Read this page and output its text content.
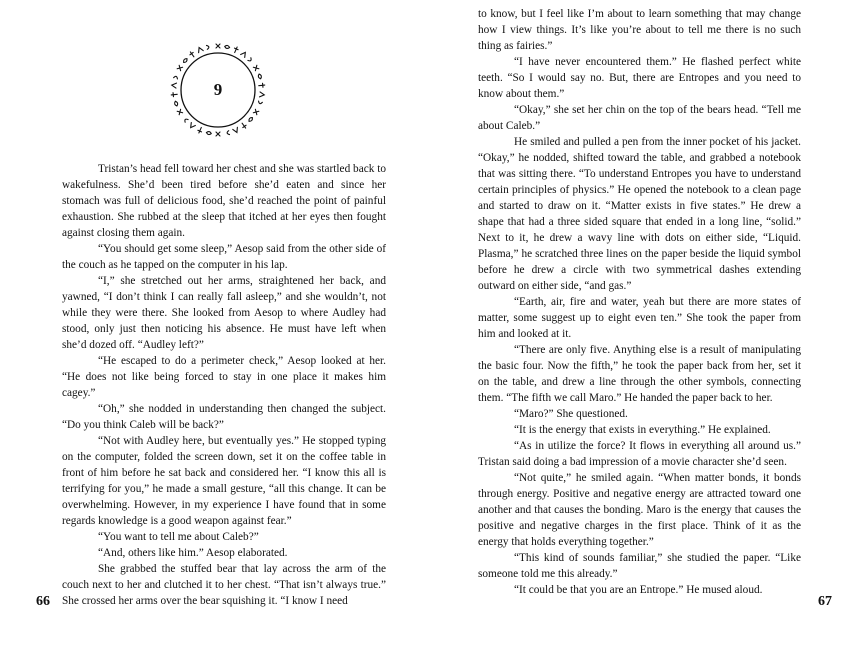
9

Tristan’s head fell toward her chest and she was startled back to wakefulness. She’d been tired before she’d eaten and since her stomach was full of delicious food, she’d reached the point of painful exhaustion. She rubbed at the sleep that itched at her eyes then fought against closing them again.

“You should get some sleep,” Aesop said from the other side of the couch as he tapped on the computer in his lap.

“I,” she stretched out her arms, straightened her back, and yawned, “I don’t think I can really fall asleep,” and she wouldn’t, not while they were there. She looked from Aesop to where Audley had stood, only just then noticing his absence. He must have left when she’d dozed off. “Audley left?”

“He escaped to do a perimeter check,” Aesop looked at her. “He does not like being forced to stay in one place it makes him cagey.”

“Oh,” she nodded in understanding then changed the subject. “Do you think Caleb will be back?”

“Not with Audley here, but eventually yes.” He stopped typing on the computer, folded the screen down, set it on the coffee table in front of him before he sat back and considered her. “I know this all is terrifying for you,” he made a small gesture, “all this change. It can be overwhelming. However, in my experience I have found that in some regards knowledge is a good weapon against fear.”

“You want to tell me about Caleb?”

“And, others like him.” Aesop elaborated.

She grabbed the stuffed bear that lay across the arm of the couch next to her and clutched it to her chest. “That isn’t always true.” She crossed her arms over the bear squishing it. “I know I need

66

to know, but I feel like I’m about to learn something that may change how I view things. It’s like you’re about to tell me there is no such thing as fairies.”

“I have never encountered them.” He flashed perfect white teeth. “So I would say no. But, there are Entropes and you need to know about them.”

“Okay,” she set her chin on the top of the bears head. “Tell me about Caleb.”

He smiled and pulled a pen from the inner pocket of his jacket. “Okay,” he nodded, shifted toward the table, and grabbed a notebook that was sitting there. “To understand Entropes you have to understand certain principles of physics.” He opened the notebook to a clean page and started to draw on it. “Matter exists in five states.” He drew a shape that had a three sided square that ended in a long line, “solid.” Next to it, he drew a wavy line with dots on either side, “Liquid. Plasma,” he scratched three lines on the paper beside the liquid symbol before he drew a circle with two symmetrical dashes extending outward on either side, “and gas.”

“Earth, air, fire and water, yeah but there are more states of matter, some suggest up to eight even ten.” She took the paper from him and looked at it.

“There are only five. Anything else is a result of manipulating the basic four. Now the fifth,” he took the paper back from her, set it on the table, and drew a line through the other symbols, connecting them. “The fifth we call Maro.” He handed the paper back to her.

“Maro?” She questioned.

“It is the energy that exists in everything.” He explained.

“As in utilize the force? It flows in everything all around us.” Tristan said doing a bad impression of a movie character she’d seen.

“Not quite,” he smiled again. “When matter bonds, it bonds through energy. Positive and negative energy are attracted toward one another and that causes the bonding. Maro is the energy that causes the positive and negative charges in the first place. Think of it as the energy that holds everything together.”

“This kind of sounds familiar,” she studied the paper. “Like someone told me this already.”

“It could be that you are an Entrope.” He mused aloud.

67
